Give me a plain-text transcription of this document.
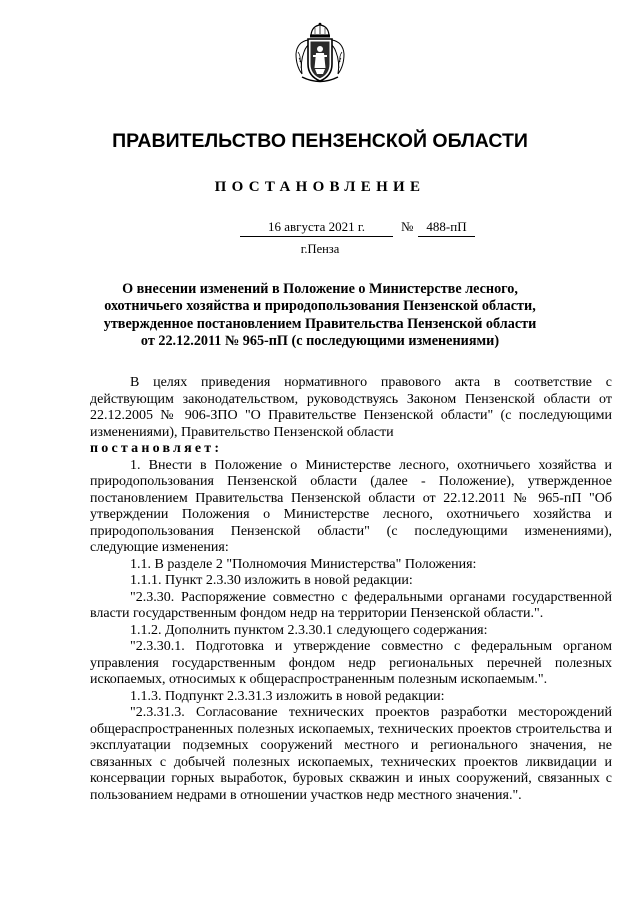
ПРАВИТЕЛЬСТВО ПЕНЗЕНСКОЙ ОБЛАСТИ
ПОСТАНОВЛЕНИЕ
16 августа 2021 г.	№	488-пП
г.Пенза
О внесении изменений в Положение о Министерстве лесного,
охотничьего хозяйства и природопользования Пензенской области,
утвержденное постановлением Правительства Пензенской области
от 22.12.2011 № 965-пП (с последующими изменениями)

В целях приведения нормативного правового акта в соответствие с действующим законодательством, руководствуясь Законом Пензенской области от 22.12.2005 № 906-ЗПО "О Правительстве Пензенской области" (с последующими изменениями), Правительство Пензенской области

постановляет:

1. Внести в Положение о Министерстве лесного, охотничьего хозяйства и природопользования Пензенской области (далее - Положение), утвержденное постановлением Правительства Пензенской области от 22.12.2011 № 965-пП "Об утверждении Положения о Министерстве лесного, охотничьего хозяйства и природопользования Пензенской области" (с последующими изменениями), следующие изменения:

1.1. В разделе 2 "Полномочия Министерства" Положения:

1.1.1. Пункт 2.3.30 изложить в новой редакции:

"2.3.30. Распоряжение совместно с федеральными органами государственной власти государственным фондом недр на территории Пензенской области.".

1.1.2. Дополнить пунктом 2.3.30.1 следующего содержания:

"2.3.30.1. Подготовка и утверждение совместно с федеральным органом управления государственным фондом недр региональных перечней полезных ископаемых, относимых к общераспространенным полезным ископаемым.".

1.1.3. Подпункт 2.3.31.3 изложить в новой редакции:

"2.3.31.3. Согласование технических проектов разработки месторождений общераспространенных полезных ископаемых, технических проектов строительства и эксплуатации подземных сооружений местного и регионального значения, не связанных с добычей полезных ископаемых, технических проектов ликвидации и консервации горных выработок, буровых скважин и иных сооружений, связанных с пользованием недрами в отношении участков недр местного значения.".
